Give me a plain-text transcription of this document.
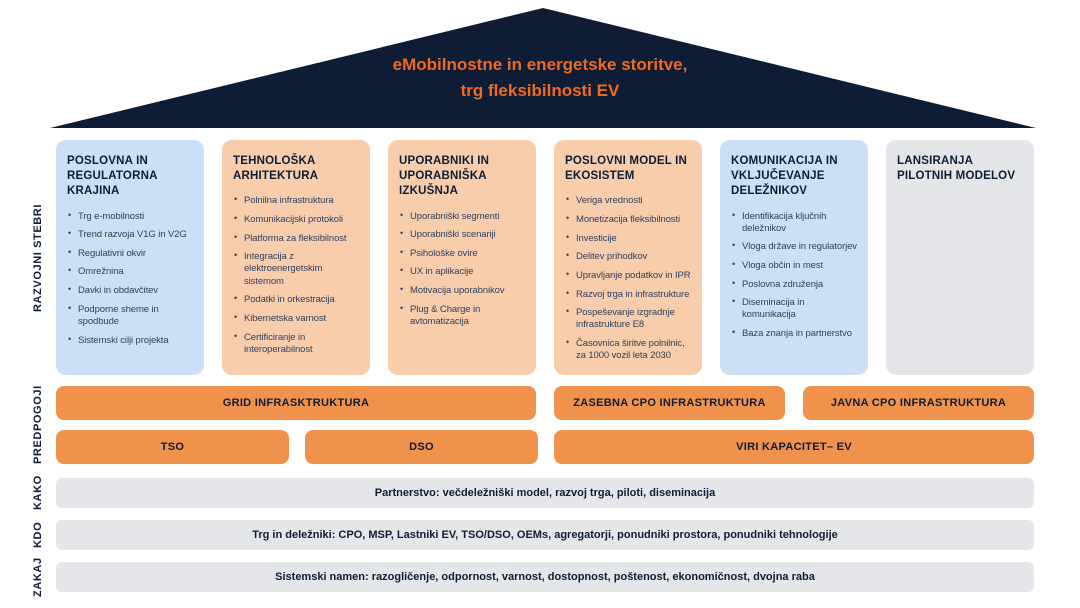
eMobilnostne in energetske storitve,
trg fleksibilnosti EV
RAZVOJNI STEBRI
PREDPOGOJI
KAKO
KDO
ZAKAJ
POSLOVNA IN REGULATORNA KRAJINA
• Trg e-mobilnosti
• Trend razvoja V1G in V2G
• Regulativni okvir
• Omrežnina
• Davki in obdavčitev
• Podporne sheme in spodbude
• Sistemski cilji projekta
TEHNOLOŠKA ARHITEKTURA
• Polnilna infrastruktura
• Komunikacijski protokoli
• Platforma za fleksibilnost
• Integracija z elektroenergetskim sistemom
• Podatki in orkestracija
• Kibernetska varnost
• Certificiranje in interoperabilnost
UPORABNIKI IN UPORABNIŠKA IZKUŠNJA
• Uporabniški segmenti
• Uporabniški scenariji
• Psihološke ovire
• UX in aplikacije
• Motivacija uporabnikov
• Plug & Charge in avtomatizacija
POSLOVNI MODEL IN EKOSISTEM
• Veriga vrednosti
• Monetizacija fleksibilnosti
• Investicije
• Delitev prihodkov
• Upravljanje podatkov in IPR
• Razvoj trga in infrastrukture
• Pospeševanje izgradnje infrastrukture E8
• Časovnica širitve polnilnic, za 1000 vozil leta 2030
KOMUNIKACIJA IN VKLJUČEVANJE DELEŽNIKOV
• Identifikacija ključnih deležnikov
• Vloga države in regulatorjev
• Vloga občin in mest
• Poslovna združenja
• Diseminacija in komunikacija
• Baza znanja in partnerstvo
LANSIRANJA PILOTNIH MODELOV
GRID INFRASKTRUKTURA	ZASEBNA CPO INFRASTRUKTURA	JAVNA CPO INFRASTRUKTURA
TSO	DSO	VIRI KAPACITET– EV
Partnerstvo: večdeležniški model, razvoj trga, piloti, diseminacija
Trg in deležniki: CPO, MSP, Lastniki EV, TSO/DSO, OEMs, agregatorji, ponudniki prostora, ponudniki tehnologije
Sistemski namen: razogličenje, odpornost, varnost, dostopnost, poštenost, ekonomičnost, dvojna raba
